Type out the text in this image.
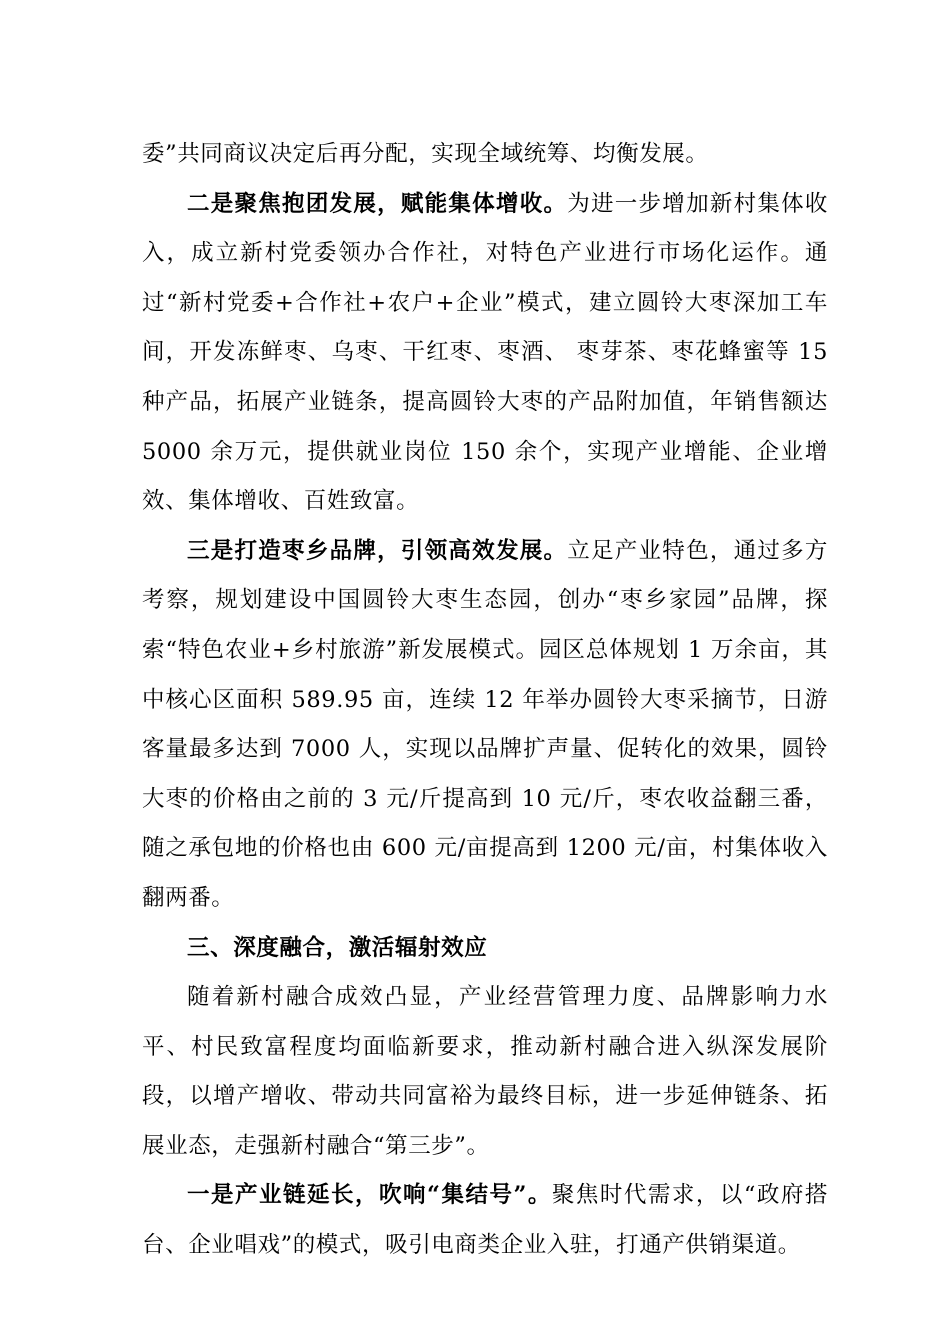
委”共同商议决定后再分配，实现全域统筹、均衡发展。

二是聚焦抱团发展，赋能集体增收。为进一步增加新村集体收入，成立新村党委领办合作社，对特色产业进行市场化运作。通过“新村党委+合作社+农户+企业”模式，建立圆铃大枣深加工车间，开发冻鲜枣、乌枣、干红枣、枣酒、 枣芽茶、枣花蜂蜜等 15 种产品，拓展产业链条，提高圆铃大枣的产品附加值，年销售额达 5000 余万元，提供就业岗位 150 余个，实现产业增能、企业增效、集体增收、百姓致富。

三是打造枣乡品牌，引领高效发展。立足产业特色，通过多方考察，规划建设中国圆铃大枣生态园，创办“枣乡家园”品牌，探索“特色农业+乡村旅游”新发展模式。园区总体规划 1 万余亩，其中核心区面积 589.95 亩，连续 12 年举办圆铃大枣采摘节，日游客量最多达到 7000 人，实现以品牌扩声量、促转化的效果，圆铃大枣的价格由之前的 3 元/斤提高到 10 元/斤，枣农收益翻三番，随之承包地的价格也由 600 元/亩提高到 1200 元/亩，村集体收入翻两番。

三、深度融合，激活辐射效应

随着新村融合成效凸显，产业经营管理力度、品牌影响力水平、村民致富程度均面临新要求，推动新村融合进入纵深发展阶段，以增产增收、带动共同富裕为最终目标，进一步延伸链条、拓展业态，走强新村融合“第三步”。

一是产业链延长，吹响“集结号”。聚焦时代需求，以“政府搭台、企业唱戏”的模式，吸引电商类企业入驻，打通产供销渠道。
